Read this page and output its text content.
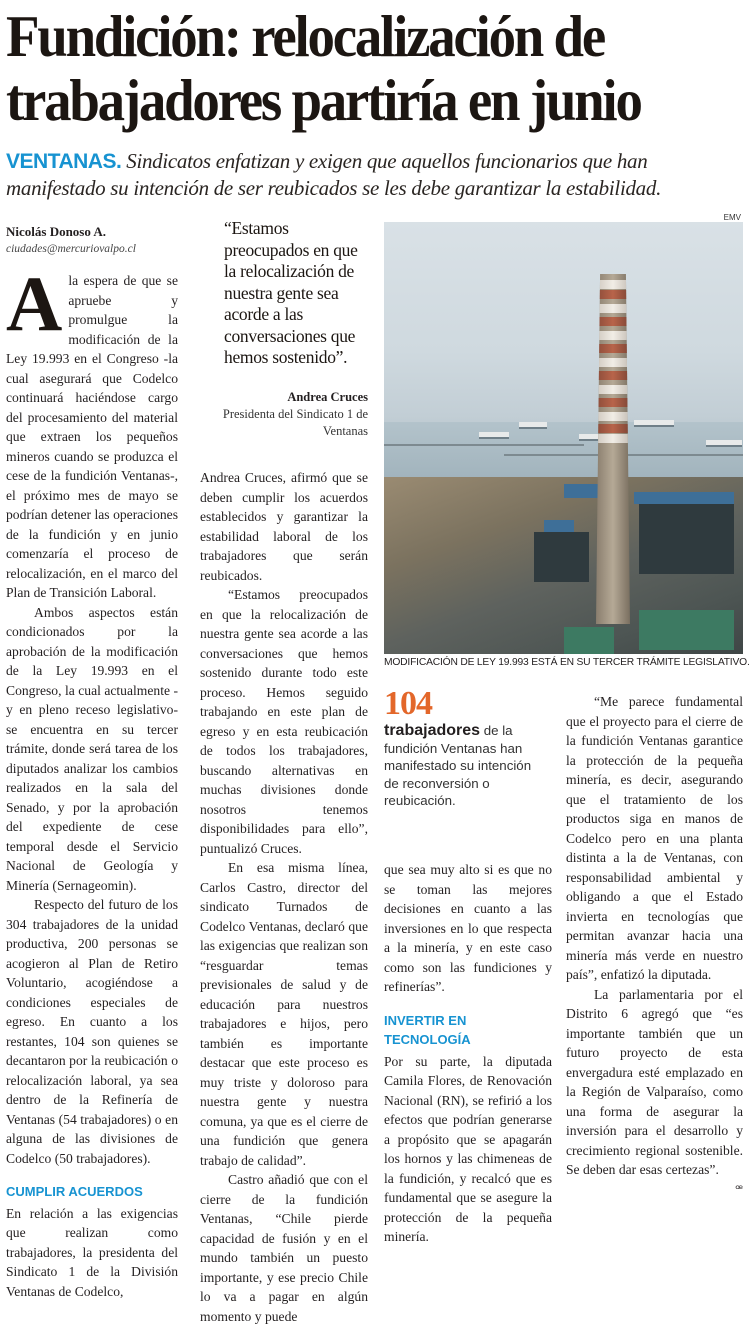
Fundición: relocalización de
trabajadores partiría en junio
VENTANAS. Sindicatos enfatizan y exigen que aquellos funcionarios que han manifestado su intención de ser reubicados se les debe garantizar la estabilidad.
Nicolás Donoso A.
ciudades@mercuriovalpo.cl
A la espera de que se apruebe y promulgue la modificación de la Ley 19.993 en el Congreso -la cual asegurará que Codelco continuará haciéndose cargo del procesamiento del material que extraen los pequeños mineros cuando se produzca el cese de la fundición Ventanas-, el próximo mes de mayo se podrían detener las operaciones de la fundición y en junio comenzaría el proceso de relocalización, en el marco del Plan de Transición Laboral.

Ambos aspectos están condicionados por la aprobación de la modificación de la Ley 19.993 en el Congreso, la cual actualmente -y en pleno receso legislativo- se encuentra en su tercer trámite, donde será tarea de los diputados analizar los cambios realizados en la sala del Senado, y por la aprobación del expediente de cese temporal desde el Servicio Nacional de Geología y Minería (Sernageomin).

Respecto del futuro de los 304 trabajadores de la unidad productiva, 200 personas se acogieron al Plan de Retiro Voluntario, acogiéndose a condiciones especiales de egreso. En cuanto a los restantes, 104 son quienes se decantaron por la reubicación o relocalización laboral, ya sea dentro de la Refinería de Ventanas (54 trabajadores) o en alguna de las divisiones de Codelco (50 trabajadores).

CUMPLIR ACUERDOS

En relación a las exigencias que realizan como trabajadores, la presidenta del Sindicato 1 de la División Ventanas de Codelco,

“Estamos preocupados en que la relocalización de nuestra gente sea acorde a las conversaciones que hemos sostenido”.
Andrea Cruces
Presidenta del Sindicato 1 de Ventanas

Andrea Cruces, afirmó que se deben cumplir los acuerdos establecidos y garantizar la estabilidad laboral de los trabajadores que serán reubicados.

“Estamos preocupados en que la relocalización de nuestra gente sea acorde a las conversaciones que hemos sostenido durante todo este proceso. Hemos seguido trabajando en este plan de egreso y en esta reubicación de todos los trabajadores, buscando alternativas en muchas divisiones donde nosotros tenemos disponibilidades para ello”, puntualizó Cruces.

En esa misma línea, Carlos Castro, director del sindicato Turnados de Codelco Ventanas, declaró que las exigencias que realizan son “resguardar temas previsionales de salud y de educación para nuestros trabajadores e hijos, pero también es importante destacar que este proceso es muy triste y doloroso para nuestra gente y nuestra comuna, ya que es el cierre de una fundición que genera trabajo de calidad”.

Castro añadió que con el cierre de la fundición Ventanas, “Chile pierde capacidad de fusión y en el mundo también un puesto importante, y ese precio Chile lo va a pagar en algún momento y puede

EMV
MODIFICACIÓN DE LEY 19.993 ESTÁ EN SU TERCER TRÁMITE LEGISLATIVO.
104
trabajadores de la fundición Ventanas han manifestado su intención de reconversión o reubicación.

que sea muy alto si es que no se toman las mejores decisiones en cuanto a las inversiones en lo que respecta a la minería, y en este caso como son las fundiciones y refinerías”.

INVERTIR EN TECNOLOGÍA

Por su parte, la diputada Camila Flores, de Renovación Nacional (RN), se refirió a los efectos que podrían generarse a propósito que se apagarán los hornos y las chimeneas de la fundición, y recalcó que es fundamental que se asegure la protección de la pequeña minería.

“Me parece fundamental que el proyecto para el cierre de la fundición Ventanas garantice la protección de la pequeña minería, es decir, asegurando que el tratamiento de los productos siga en manos de Codelco pero en una planta distinta a la de Ventanas, con responsabilidad ambiental y obligando a que el Estado invierta en tecnologías que permitan avanzar hacia una minería más verde en nuestro país”, enfatizó la diputada.

La parlamentaria por el Distrito 6 agregó que “es importante también que un futuro proyecto de esta envergadura esté emplazado en la Región de Valparaíso, como una forma de asegurar la inversión para el desarrollo y crecimiento regional sostenible. Se deben dar esas certezas”.
ꟹ
